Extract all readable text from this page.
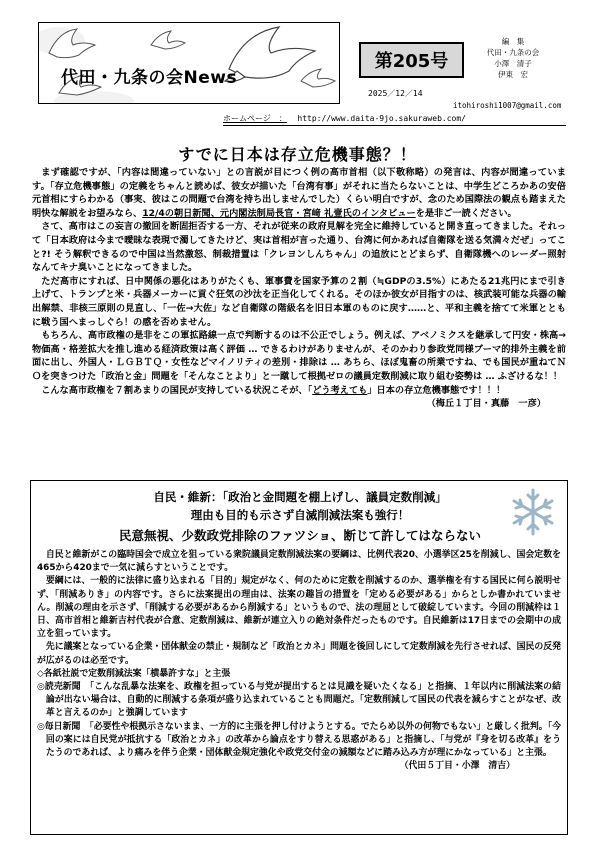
代田・九条の会News
第205号
2025／12／14
編　集
代田・九条の会
小澤　清子
伊東　宏
itohiroshi1007@gmail.com
ホームページ　： http://www.daita-9jo.sakuraweb.com/
すでに日本は存立危機事態？！

まず確認ですが、「内容は間違っていない」との言説が目につく例の高市首相（以下敬称略）の発言は、内容が間違っています。「存立危機事態」の定義をちゃんと読めば、彼女が描いた「台湾有事」がそれに当たらないことは、中学生どころかあの安倍元首相にすらわかる（事実、彼はこの問題で台湾を持ち出しませんでした）くらい明白ですが、念のため国際法の観点も踏まえた明快な解説をお望みなら、12/4の朝日新聞、元内閣法制局長官・宮﨑 礼壹氏のインタビューを是非ご一読ください。

さて、高市はこの妄言の撤回を断固拒否する一方、それが従来の政府見解を完全に維持していると開き直ってきました。それって「日本政府は今まで曖昧な表現で濁してきたけど、実は首相が言った通り、台湾に何かあれば自衛隊を送る気満々だぜ」ってこと?! そう解釈できるので中国は当然激怒、制裁措置は「クレヨンしんちゃん」の追放にとどまらず、自衛隊機へのレーダー照射なんてキナ臭いことになってきました。

ただ高市にすれば、日中関係の悪化はありがたくも、軍事費を国家予算の２割（≒GDPの3.5%）にあたる21兆円にまで引き上げて、トランプと米・兵器メーカーに貢ぐ狂気の沙汰を正当化してくれる。そのほか彼女が目指すのは、核武装可能な兵器の輸出解禁、非核三原則の見直し、「一佐→大佐」など自衛隊の階級名を旧日本軍のものに戻す……と、平和主義を捨てて米軍とともに戦う国へまっしぐら！の感を否めません。

もちろん、高市政権の是非をこの軍拡路線一点で判断するのは不公正でしょう。例えば、アベノミクスを継承して円安・株高→物価高・格差拡大を推し進める経済政策は高く評価 … できるわけがありませんが、そのかわり参政党同様ブーマ的排外主義を前面に出し、外国人・ＬＧＢＴＱ・女性などマイノリティの差別・排除は … あちら、ほぼ鬼畜の所業ですね、でも国民が重ねてＮＯを突きつけた「政治と金」問題を「そんなことより」と一蹴して根拠ゼロの議員定数削減に取り組む姿勢は … ふざけるな！！

こんな高市政権を７割あまりの国民が支持している状況こそが、「どう考えても」日本の存立危機事態です！！！

（梅丘１丁目・真藤　一彦）
自民・維新：「政治と金問題を棚上げし、議員定数削減」
理由も目的も示さず自滅削減法案も強行！
民意無視、少数政党排除のファツショ、断じて許してはならない

自民と維新がこの臨時国会で成立を狙っている衆院議員定数削減法案の要綱は、比例代表20、小選挙区25を削減し、国会定数を465から420まで一気に減らすということです。

要綱には、一般的に法律に盛り込まれる「目的」規定がなく、何のために定数を削減するのか、選挙権を有する国民に何ら説明せず、「削減ありき」の内容です。さらに法案提出の理由は、法案の趣旨の措置を「定める必要がある」からとしか書かれていません。削減の理由を示さず、「削減する必要があるから削減する」というもので、法の理屈として破綻しています。今回の削減枠は１日、高市首相と維新吉村代表が合意、定数削減は、維新が連立入りの絶対条件だったものです。自民維新は17日までの会期中の成立を狙っています。

先に議案となっている企業・団体献金の禁止・規制など「政治とカネ」問題を後回しにして定数削減を先行させれば、国民の反発が広がるのは必至です。

◇各紙社説で定数削減法案「横暴許すな」と主張

◎読売新聞　「こんな乱暴な法案を、政権を担っている与党が提出するとは見識を疑いたくなる」と指摘、１年以内に削減法案の結論が出ない場合は、自動的に削減する条項が盛り込まれていることも問題だ。「定数削減して国民の代表を減らすことがなぜ、改革と言えるのか」と強調しています

◎毎日新聞　「必要性や根拠示さないまま、一方的に主張を押し付けようとする。でたらめ以外の何物でもない」と厳しく批判。「今回の案には自民党が抵抗する「政治とカネ」の改革から論点をすり替える思惑がある」と指摘し、「与党が『身を切る改革』をうたうのであれば、より痛みを伴う企業・団体献金規定強化や政党交付金の減額などに踏み込み方が理にかなっている」と主張。

（代田５丁目・小澤　清吉）
